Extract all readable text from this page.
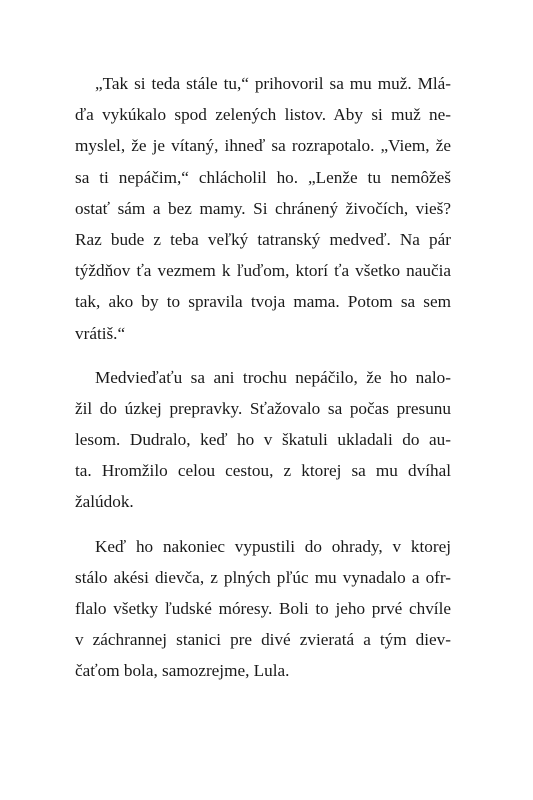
„Tak si teda stále tu,“ prihovoril sa mu muž. Mlá-
ďa vykúkalo spod zelených listov. Aby si muž ne-
myslel, že je vítaný, ihneď sa rozrapotalo. „Viem, že
sa ti nepáčim,“ chlácholil ho. „Lenže tu nemôžeš
ostať sám a bez mamy. Si chránený živočích, vieš?
Raz bude z teba veľký tatranský medveď. Na pár
týždňov ťa vezmem k ľuďom, ktorí ťa všetko naučia
tak, ako by to spravila tvoja mama. Potom sa sem
vrátiš.“
Medvieďaťu sa ani trochu nepáčilo, že ho nalo-
žil do úzkej prepravky. Sťažovalo sa počas presunu
lesom. Dudralo, keď ho v škatuli ukladali do au-
ta. Hromžilo celou cestou, z ktorej sa mu dvíhal
žalúdok.
Keď ho nakoniec vypustili do ohrady, v ktorej
stálo akési dievča, z plných pľúc mu vynadalo a ofr-
flalo všetky ľudské móresy. Boli to jeho prvé chvíle
v záchrannej stanici pre divé zvieratá a tým diev-
čaťom bola, samozrejme, Lula.
